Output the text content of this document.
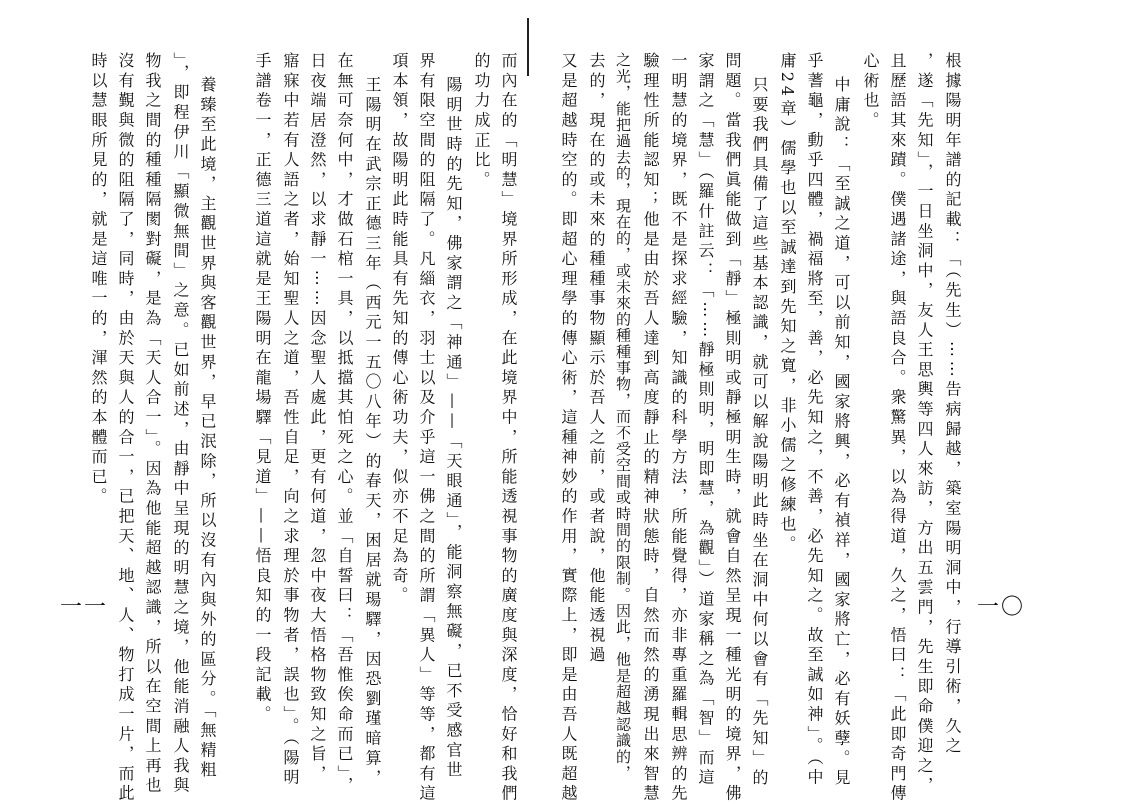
根據陽明年譜的記載：「（先生）⋯⋯告病歸越，築室陽明洞中，行導引術，久之
，遂「先知」，一日坐洞中，友人王思輿等四人來訪，方出五雲門，先生即命僕迎之，
且歷語其來蹟。僕遇諸途，與語良合。衆驚異，以為得道，久之，悟曰：「此即奇門傳
心術也。
中庸說：「至誠之道，可以前知，國家將興，必有禎祥，國家將亡，必有妖孽。見
乎蓍龜，動乎四體，禍福將至，善，必先知之，不善，必先知之。故至誠如神」。（中
庸24章）儒學也以至誠達到先知之寬，非小儒之修練也。
只要我們具備了這些基本認識，就可以解說陽明此時坐在洞中何以會有「先知」的
問題。當我們眞能做到「靜」極則明或靜極明生時，就會自然呈現一種光明的境界，佛
家謂之「慧」（羅什註云：「⋯⋯靜極則明，明即慧，為觀」）道家稱之為「智」而這
一明慧的境界，既不是探求經驗，知識的科學方法，所能覺得，亦非專重羅輯思辨的先
驗理性所能認知；他是由於吾人達到高度靜止的精神狀態時，自然而然的湧現出來智慧
之光，能把過去的，現在的，或未來的種種事物，而不受空間或時間的限制。因此，他是超越認識的，
去的，現在的或未來的種種事物顯示於吾人之前，或者說，他能透視過
又是超越時空的。即超心理學的傳心術，這種神妙的作用，實際上，即是由吾人既超越	一〇
而內在的「明慧」境界所形成，在此境界中，所能透視事物的廣度與深度，恰好和我們
的功力成正比。
陽明世時的先知，佛家謂之「神通」——「天眼通」，能洞察無礙，已不受感官世
界有限空間的阻隔了。凡緇衣，羽士以及介乎這一佛之間的所謂「異人」等等，都有這
項本領，故陽明此時能具有先知的傳心術功夫，似亦不足為奇。
王陽明在武宗正德三年（西元一五〇八年）的春天，困居就瑒驛，因恐劉瑾暗算，
在無可奈何中，才做石棺一具，以抵擋其怕死之心。並「自誓曰：「吾惟俟命而已」，
日夜端居澄然，以求靜一⋯⋯因念聖人處此，更有何道，忽中夜大悟格物致知之旨，
寤寐中若有人語之者，始知聖人之道，吾性自足，向之求理於事物者，誤也」。（陽明
手譜卷一，正德三道這就是王陽明在龍場驛「見道」——悟良知的一段記載。
養臻至此境，主觀世界與客觀世界，早已泯除，所以沒有內與外的區分。「無精粗
」，即程伊川「顯微無間」之意。已如前述，由靜中呈現的明慧之境，他能消融人我與
物我之間的種種隔閡對礙，是為「天人合一」。因為他能超越認識，所以在空間上再也
沒有覲與微的阻隔了，同時，由於天與人的合一，已把天、地、人、物打成一片，而此
時以慧眼所見的，就是這唯一的，渾然的本體而已。
一一
